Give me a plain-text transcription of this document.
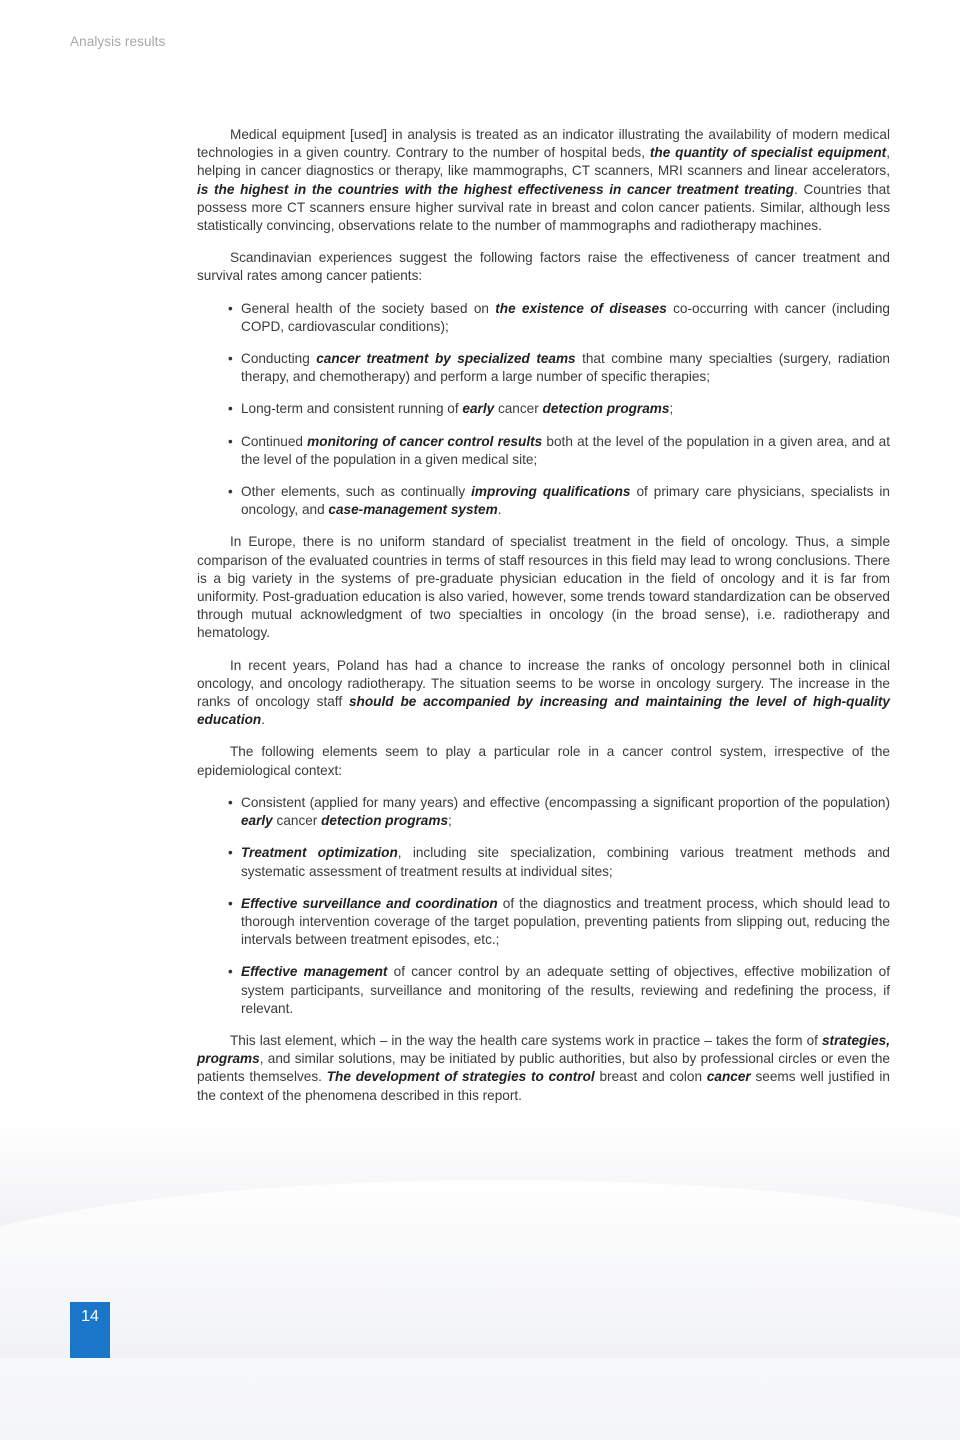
Analysis results

Medical equipment [used] in analysis is treated as an indicator illustrating the availability of modern medical technologies in a given country. Contrary to the number of hospital beds, the quantity of specialist equipment, helping in cancer diagnostics or therapy, like mammographs, CT scanners, MRI scanners and linear accelerators, is the highest in the countries with the highest effectiveness in cancer treatment treating. Countries that possess more CT scanners ensure higher survival rate in breast and colon cancer patients. Similar, although less statistically convincing, observations relate to the number of mammographs and radiotherapy machines.

Scandinavian experiences suggest the following factors raise the effectiveness of cancer treatment and survival rates among cancer patients:

• General health of the society based on the existence of diseases co-occurring with cancer (including COPD, cardiovascular conditions);
• Conducting cancer treatment by specialized teams that combine many specialties (surgery, radiation therapy, and chemotherapy) and perform a large number of specific therapies;
• Long-term and consistent running of early cancer detection programs;
• Continued monitoring of cancer control results both at the level of the population in a given area, and at the level of the population in a given medical site;
• Other elements, such as continually improving qualifications of primary care physicians, specialists in oncology, and case-management system.

In Europe, there is no uniform standard of specialist treatment in the field of oncology. Thus, a simple comparison of the evaluated countries in terms of staff resources in this field may lead to wrong conclusions. There is a big variety in the systems of pre-graduate physician education in the field of oncology and it is far from uniformity. Post-graduation education is also varied, however, some trends toward standardization can be observed through mutual acknowledgment of two specialties in oncology (in the broad sense), i.e. radiotherapy and hematology.

In recent years, Poland has had a chance to increase the ranks of oncology personnel both in clinical oncology, and oncology radiotherapy. The situation seems to be worse in oncology surgery. The increase in the ranks of oncology staff should be accompanied by increasing and maintaining the level of high-quality education.

The following elements seem to play a particular role in a cancer control system, irrespective of the epidemiological context:

• Consistent (applied for many years) and effective (encompassing a significant proportion of the population) early cancer detection programs;
• Treatment optimization, including site specialization, combining various treatment methods and systematic assessment of treatment results at individual sites;
• Effective surveillance and coordination of the diagnostics and treatment process, which should lead to thorough intervention coverage of the target population, preventing patients from slipping out, reducing the intervals between treatment episodes, etc.;
• Effective management of cancer control by an adequate setting of objectives, effective mobilization of system participants, surveillance and monitoring of the results, reviewing and redefining the process, if relevant.

This last element, which – in the way the health care systems work in practice – takes the form of strategies, programs, and similar solutions, may be initiated by public authorities, but also by professional circles or even the patients themselves. The development of strategies to control breast and colon cancer seems well justified in the context of the phenomena described in this report.

14
